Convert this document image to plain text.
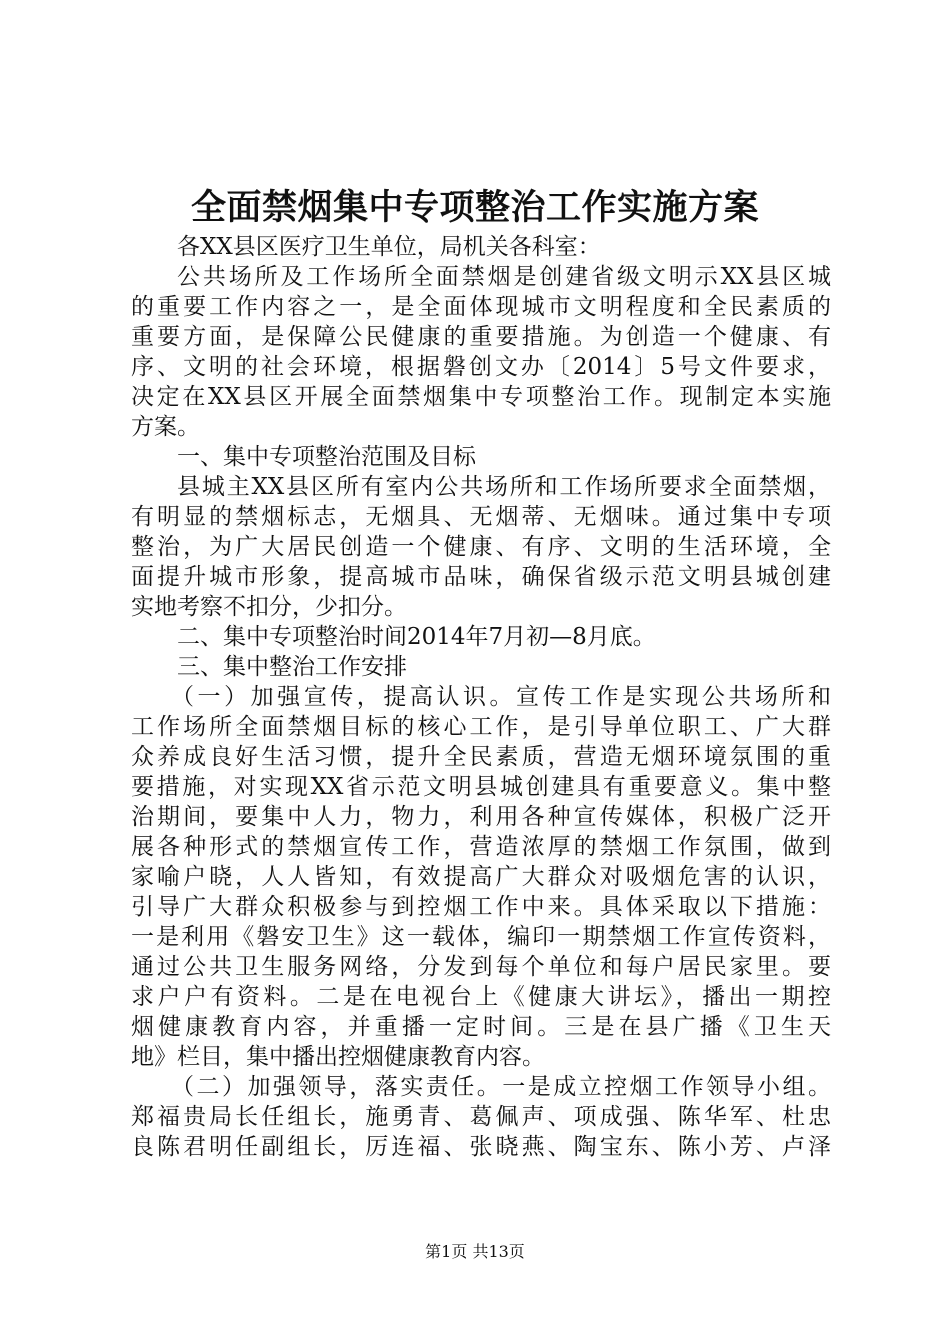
全面禁烟集中专项整治工作实施方案
各XX县区医疗卫生单位，局机关各科室：
公共场所及工作场所全面禁烟是创建省级文明示XX县区城
的重要工作内容之一，是全面体现城市文明程度和全民素质的
重要方面，是保障公民健康的重要措施。为创造一个健康、有
序、文明的社会环境，根据磐创文办〔2014〕5号文件要求，
决定在XX县区开展全面禁烟集中专项整治工作。现制定本实施
方案。
一、集中专项整治范围及目标
县城主XX县区所有室内公共场所和工作场所要求全面禁烟，
有明显的禁烟标志，无烟具、无烟蒂、无烟味。通过集中专项
整治，为广大居民创造一个健康、有序、文明的生活环境，全
面提升城市形象，提高城市品味，确保省级示范文明县城创建
实地考察不扣分，少扣分。
二、集中专项整治时间2014年7月初—8月底。
三、集中整治工作安排
（一）加强宣传，提高认识。宣传工作是实现公共场所和
工作场所全面禁烟目标的核心工作，是引导单位职工、广大群
众养成良好生活习惯，提升全民素质，营造无烟环境氛围的重
要措施，对实现XX省示范文明县城创建具有重要意义。集中整
治期间，要集中人力，物力，利用各种宣传媒体，积极广泛开
展各种形式的禁烟宣传工作，营造浓厚的禁烟工作氛围，做到
家喻户晓，人人皆知，有效提高广大群众对吸烟危害的认识，
引导广大群众积极参与到控烟工作中来。具体采取以下措施：
一是利用《磐安卫生》这一载体，编印一期禁烟工作宣传资料，
通过公共卫生服务网络，分发到每个单位和每户居民家里。要
求户户有资料。二是在电视台上《健康大讲坛》，播出一期控
烟健康教育内容，并重播一定时间。三是在县广播《卫生天
地》栏目，集中播出控烟健康教育内容。
（二）加强领导，落实责任。一是成立控烟工作领导小组。
郑福贵局长任组长，施勇青、葛佩声、项成强、陈华军、杜忠
良陈君明任副组长，厉连福、张晓燕、陶宝东、陈小芳、卢泽
第1页 共13页
